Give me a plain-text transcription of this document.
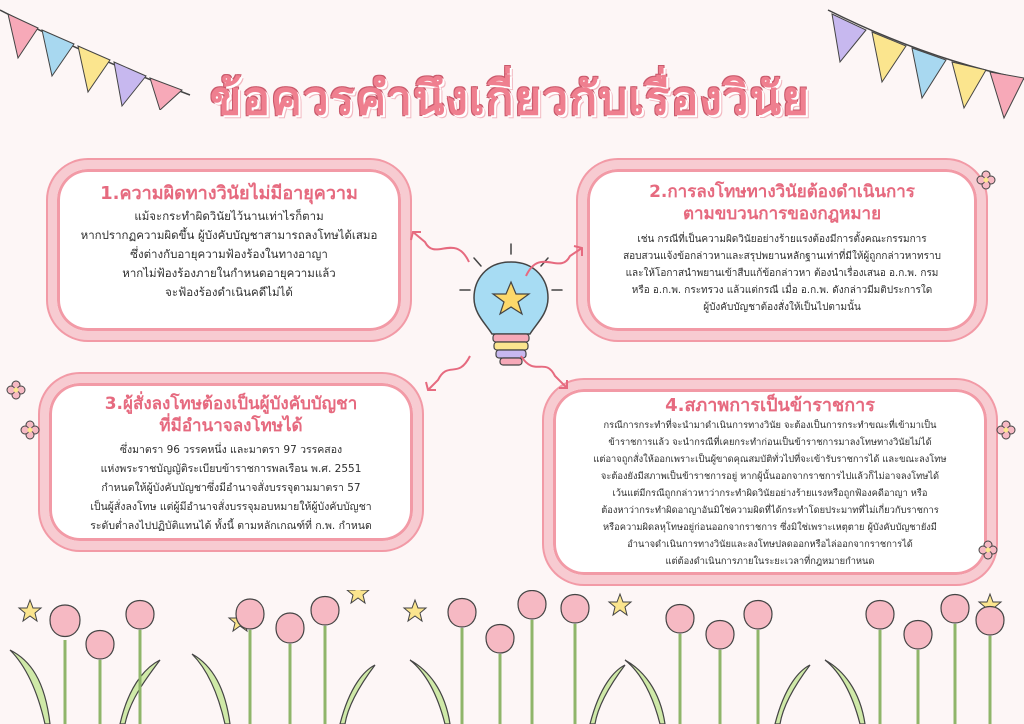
ข้อควรคำนึงเกี่ยวกับเรื่องวินัย
1.ความผิดทางวินัยไม่มีอายุความ
แม้จะกระทำผิดวินัยไว้นานเท่าไรก็ตาม
หากปรากฏความผิดขึ้น ผู้บังคับบัญชาสามารถลงโทษได้เสมอ
ซึ่งต่างกับอายุความฟ้องร้องในทางอาญา
หากไม่ฟ้องร้องภายในกำหนดอายุความแล้ว
จะฟ้องร้องดำเนินคดีไม่ได้
2.การลงโทษทางวินัยต้องดำเนินการ
ตามขบวนการของกฎหมาย
เช่น กรณีที่เป็นความผิดวินัยอย่างร้ายแรงต้องมีการตั้งคณะกรรมการ
สอบสวนแจ้งข้อกล่าวหาและสรุปพยานหลักฐานเท่าที่มีให้ผู้ถูกกล่าวหาทราบ
และให้โอกาสนำพยานเข้าสืบแก้ข้อกล่าวหา ต้องนำเรื่องเสนอ อ.ก.พ. กรม
หรือ อ.ก.พ. กระทรวง แล้วแต่กรณี เมื่อ อ.ก.พ. ดังกล่าวมีมติประการใด
ผู้บังคับบัญชาต้องสั่งให้เป็นไปตามนั้น
3.ผู้สั่งลงโทษต้องเป็นผู้บังคับบัญชา
ที่มีอำนาจลงโทษได้
ซึ่งมาตรา 96 วรรคหนึ่ง และมาตรา 97 วรรคสอง
แห่งพระราชบัญญัติระเบียบข้าราชการพลเรือน พ.ศ. 2551
กำหนดให้ผู้บังคับบัญชาซึ่งมีอำนาจสั่งบรรจุตามมาตรา 57
เป็นผู้สั่งลงโทษ แต่ผู้มีอำนาจสั่งบรรจุมอบหมายให้ผู้บังคับบัญชา
ระดับต่ำลงไปปฏิบัติแทนได้ ทั้งนี้ ตามหลักเกณฑ์ที่ ก.พ. กำหนด
4.สภาพการเป็นข้าราชการ
กรณีการกระทำที่จะนำมาดำเนินการทางวินัย จะต้องเป็นการกระทำขณะที่เข้ามาเป็น
ข้าราชการแล้ว จะนำกรณีที่เคยกระทำก่อนเป็นข้าราชการมาลงโทษทางวินัยไม่ได้
แต่อาจถูกสั่งให้ออกเพราะเป็นผู้ขาดคุณสมบัติทั่วไปที่จะเข้ารับราชการได้ และขณะลงโทษ
จะต้องยังมีสภาพเป็นข้าราชการอยู่ หากผู้นั้นออกจากราชการไปแล้วก็ไม่อาจลงโทษได้
เว้นแต่มีกรณีถูกกล่าวหาว่ากระทำผิดวินัยอย่างร้ายแรงหรือถูกฟ้องคดีอาญา หรือ
ต้องหาว่ากระทำผิดอาญาอันมิใช่ความผิดที่ได้กระทำโดยประมาทที่ไม่เกี่ยวกับราชการ
หรือความผิดลหุโทษอยู่ก่อนออกจากราชการ ซึ่งมิใช่เพราะเหตุตาย ผู้บังคับบัญชายังมี
อำนาจดำเนินการทางวินัยและลงโทษปลดออกหรือไล่ออกจากราชการได้
แต่ต้องดำเนินการภายในระยะเวลาที่กฎหมายกำหนด
